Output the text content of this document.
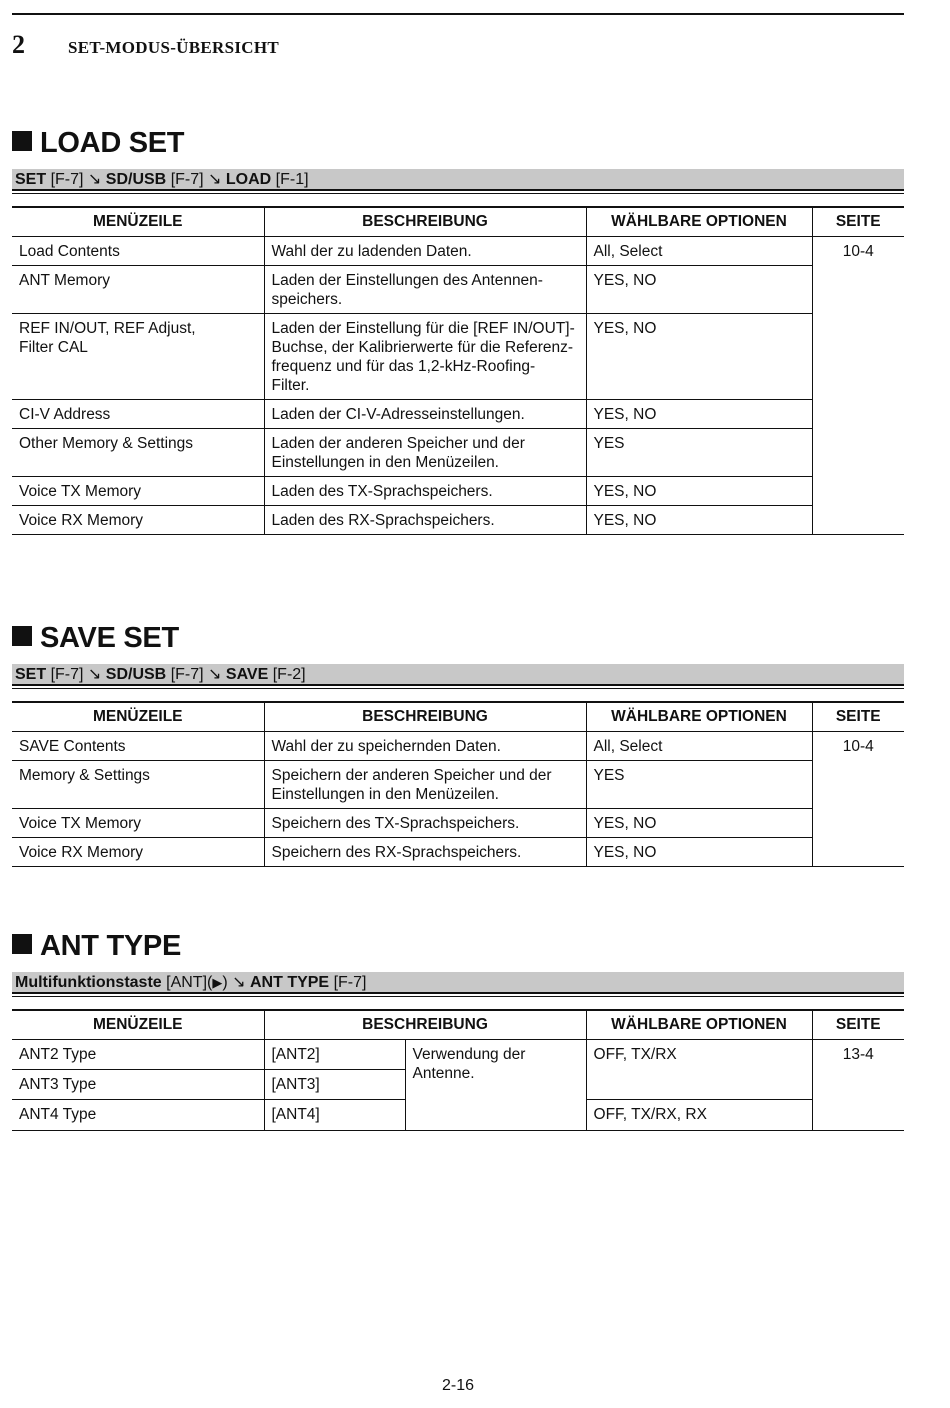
2	SET-MODUS-ÜBERSICHT
LOAD SET
SET [F-7] ↘ SD/USB [F-7] ↘ LOAD [F-1]
MENÜZEILE	BESCHREIBUNG	WÄHLBARE OPTIONEN	SEITE
Load Contents	Wahl der zu ladenden Daten.	All, Select	10-4
ANT Memory	Laden der Einstellungen des Antennen-
speichers.	YES, NO	
REF IN/OUT, REF Adjust,
Filter CAL	Laden der Einstellung für die [REF IN/OUT]-
Buchse, der Kalibrierwerte für die Referenz-
frequenz und für das 1,2-kHz-Roofing-
Filter.	YES, NO	
CI-V Address	Laden der CI-V-Adresseinstellungen.	YES, NO	
Other Memory & Settings	Laden der anderen Speicher und der
Einstellungen in den Menüzeilen.	YES	
Voice TX Memory	Laden des TX-Sprachspeichers.	YES, NO	
Voice RX Memory	Laden des RX-Sprachspeichers.	YES, NO	
SAVE SET
SET [F-7] ↘ SD/USB [F-7] ↘ SAVE [F-2]
MENÜZEILE	BESCHREIBUNG	WÄHLBARE OPTIONEN	SEITE
SAVE Contents	Wahl der zu speichernden Daten.	All, Select	10-4
Memory & Settings	Speichern der anderen Speicher und der
Einstellungen in den Menüzeilen.	YES	
Voice TX Memory	Speichern des TX-Sprachspeichers.	YES, NO	
Voice RX Memory	Speichern des RX-Sprachspeichers.	YES, NO	
ANT TYPE
Multifunktionstaste [ANT](▶) ↘ ANT TYPE [F-7]
MENÜZEILE	BESCHREIBUNG		WÄHLBARE OPTIONEN	SEITE
ANT2 Type	[ANT2]	Verwendung der
Antenne.	OFF, TX/RX	13-4
ANT3 Type	[ANT3]			
ANT4 Type	[ANT4]		OFF, TX/RX, RX	
2-16
